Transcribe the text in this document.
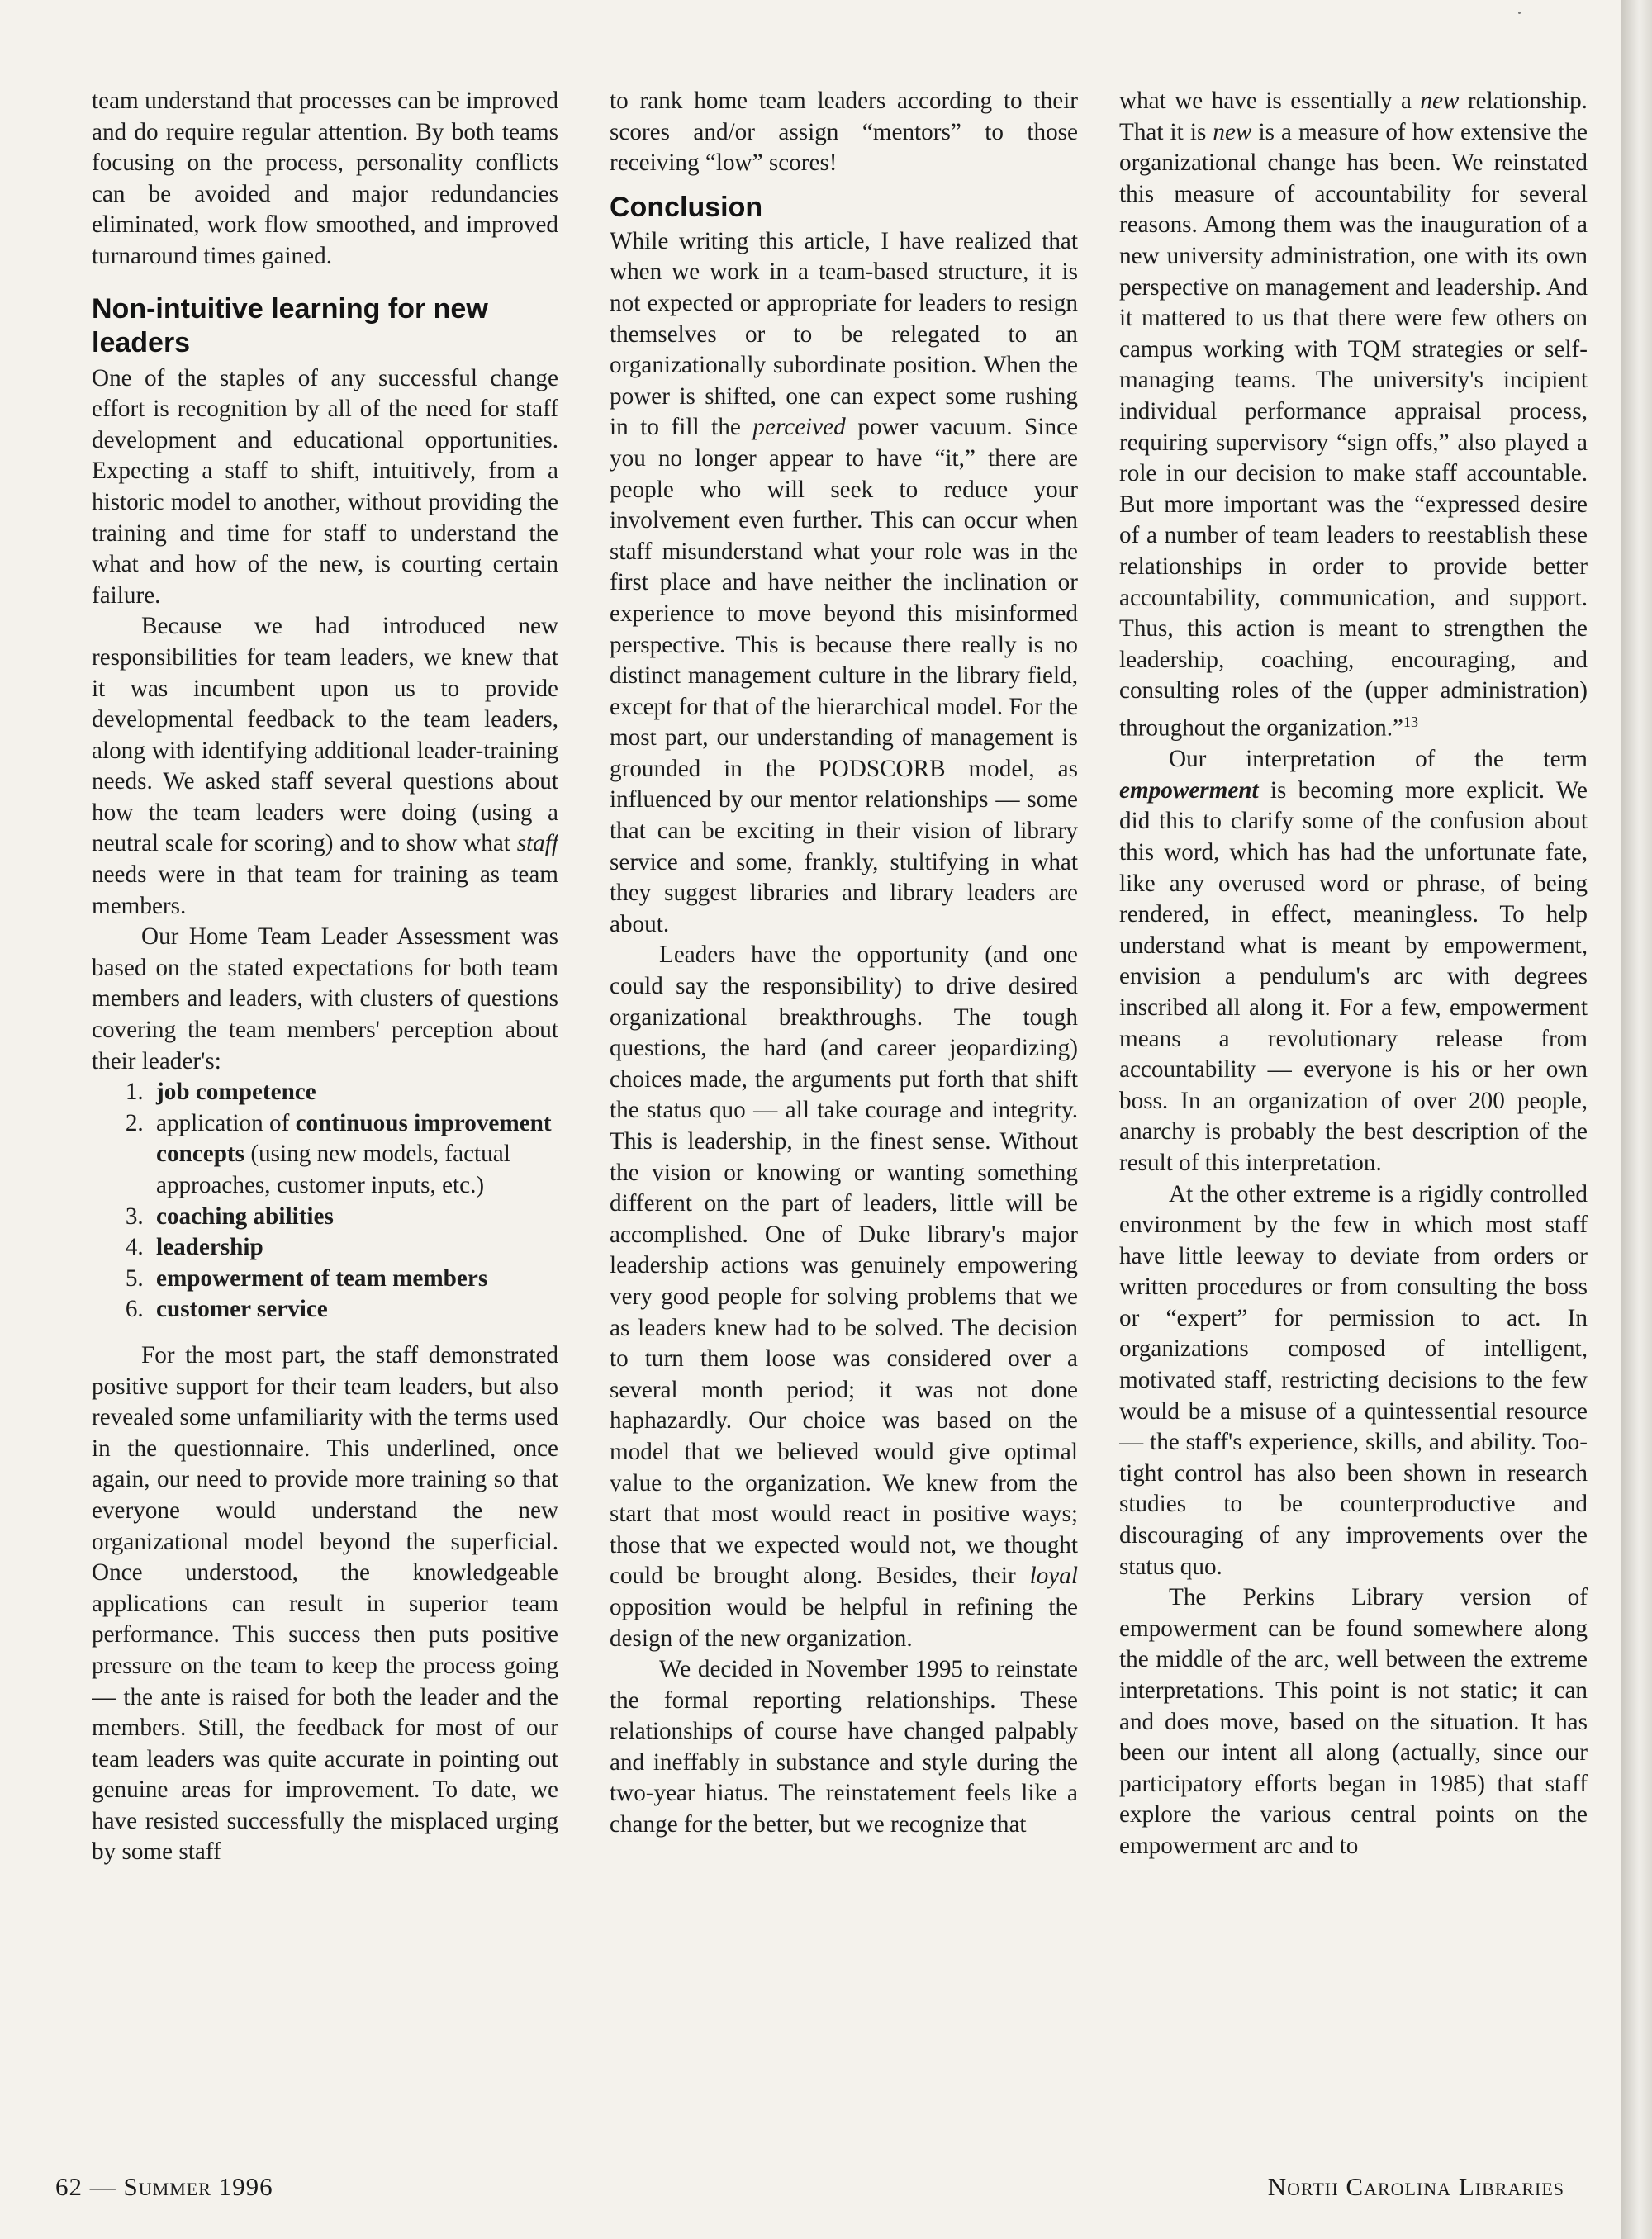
team understand that processes can be improved and do require regular attention. By both teams focusing on the process, personality conflicts can be avoided and major redundancies eliminated, work flow smoothed, and improved turnaround times gained.

Non-intuitive learning for new leaders

One of the staples of any successful change effort is recognition by all of the need for staff development and educational opportunities. Expecting a staff to shift, intuitively, from a historic model to another, without providing the training and time for staff to understand the what and how of the new, is courting certain failure.

Because we had introduced new responsibilities for team leaders, we knew that it was incumbent upon us to provide developmental feedback to the team leaders, along with identifying additional leader-training needs. We asked staff several questions about how the team leaders were doing (using a neutral scale for scoring) and to show what staff needs were in that team for training as team members.

Our Home Team Leader Assessment was based on the stated expectations for both team members and leaders, with clusters of questions covering the team members' perception about their leader's:

1. job competence
2. application of continuous improvement concepts (using new models, factual approaches, customer inputs, etc.)
3. coaching abilities
4. leadership
5. empowerment of team members
6. customer service

For the most part, the staff demonstrated positive support for their team leaders, but also revealed some unfamiliarity with the terms used in the questionnaire. This underlined, once again, our need to provide more training so that everyone would understand the new organizational model beyond the superficial. Once understood, the knowledgeable applications can result in superior team performance. This success then puts positive pressure on the team to keep the process going — the ante is raised for both the leader and the members. Still, the feedback for most of our team leaders was quite accurate in pointing out genuine areas for improvement. To date, we have resisted successfully the misplaced urging by some staff

to rank home team leaders according to their scores and/or assign “mentors” to those receiving “low” scores!

Conclusion

While writing this article, I have realized that when we work in a team-based structure, it is not expected or appropriate for leaders to resign themselves or to be relegated to an organizationally subordinate position. When the power is shifted, one can expect some rushing in to fill the perceived power vacuum. Since you no longer appear to have “it,” there are people who will seek to reduce your involvement even further. This can occur when staff misunderstand what your role was in the first place and have neither the inclination or experience to move beyond this misinformed perspective. This is because there really is no distinct management culture in the library field, except for that of the hierarchical model. For the most part, our understanding of management is grounded in the PODSCORB model, as influenced by our mentor relationships — some that can be exciting in their vision of library service and some, frankly, stultifying in what they suggest libraries and library leaders are about.

Leaders have the opportunity (and one could say the responsibility) to drive desired organizational breakthroughs. The tough questions, the hard (and career jeopardizing) choices made, the arguments put forth that shift the status quo — all take courage and integrity. This is leadership, in the finest sense. Without the vision or knowing or wanting something different on the part of leaders, little will be accomplished. One of Duke library's major leadership actions was genuinely empowering very good people for solving problems that we as leaders knew had to be solved. The decision to turn them loose was considered over a several month period; it was not done haphazardly. Our choice was based on the model that we believed would give optimal value to the organization. We knew from the start that most would react in positive ways; those that we expected would not, we thought could be brought along. Besides, their loyal opposition would be helpful in refining the design of the new organization.

We decided in November 1995 to reinstate the formal reporting relationships. These relationships of course have changed palpably and ineffably in substance and style during the two-year hiatus. The reinstatement feels like a change for the better, but we recognize that

what we have is essentially a new relationship. That it is new is a measure of how extensive the organizational change has been. We reinstated this measure of accountability for several reasons. Among them was the inauguration of a new university administration, one with its own perspective on management and leadership. And it mattered to us that there were few others on campus working with TQM strategies or self-managing teams. The university's incipient individual performance appraisal process, requiring supervisory “sign offs,” also played a role in our decision to make staff accountable. But more important was the “expressed desire of a number of team leaders to reestablish these relationships in order to provide better accountability, communication, and support. Thus, this action is meant to strengthen the leadership, coaching, encouraging, and consulting roles of the (upper administration) throughout the organization.”$^{13}$

Our interpretation of the term empowerment is becoming more explicit. We did this to clarify some of the confusion about this word, which has had the unfortunate fate, like any overused word or phrase, of being rendered, in effect, meaningless. To help understand what is meant by empowerment, envision a pendulum's arc with degrees inscribed all along it. For a few, empowerment means a revolutionary release from accountability — everyone is his or her own boss. In an organization of over 200 people, anarchy is probably the best description of the result of this interpretation.

At the other extreme is a rigidly controlled environment by the few in which most staff have little leeway to deviate from orders or written procedures or from consulting the boss or “expert” for permission to act. In organizations composed of intelligent, motivated staff, restricting decisions to the few would be a misuse of a quintessential resource — the staff's experience, skills, and ability. Too-tight control has also been shown in research studies to be counterproductive and discouraging of any improvements over the status quo.

The Perkins Library version of empowerment can be found somewhere along the middle of the arc, well between the extreme interpretations. This point is not static; it can and does move, based on the situation. It has been our intent all along (actually, since our participatory efforts began in 1985) that staff explore the various central points on the empowerment arc and to

62 — Summer 1996	North Carolina Libraries
